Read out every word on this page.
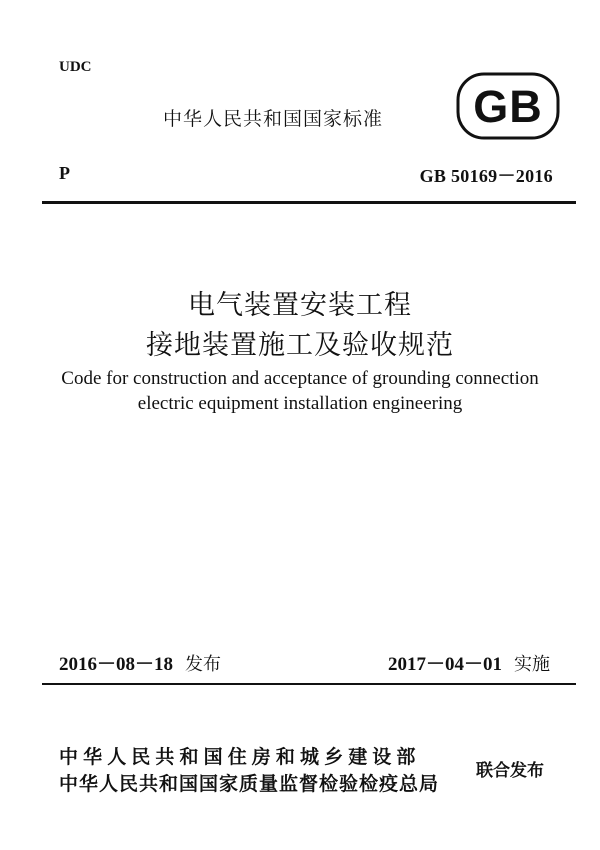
UDC
中华人民共和国国家标准 GB
P	GB 50169－2016
电气装置安装工程
接地装置施工及验收规范
Code for construction and acceptance of grounding connection
electric equipment installation engineering
2016－08－18 发布	2017－04－01 实施
中华人民共和国住房和城乡建设部
中华人民共和国国家质量监督检验检疫总局
联合发布
